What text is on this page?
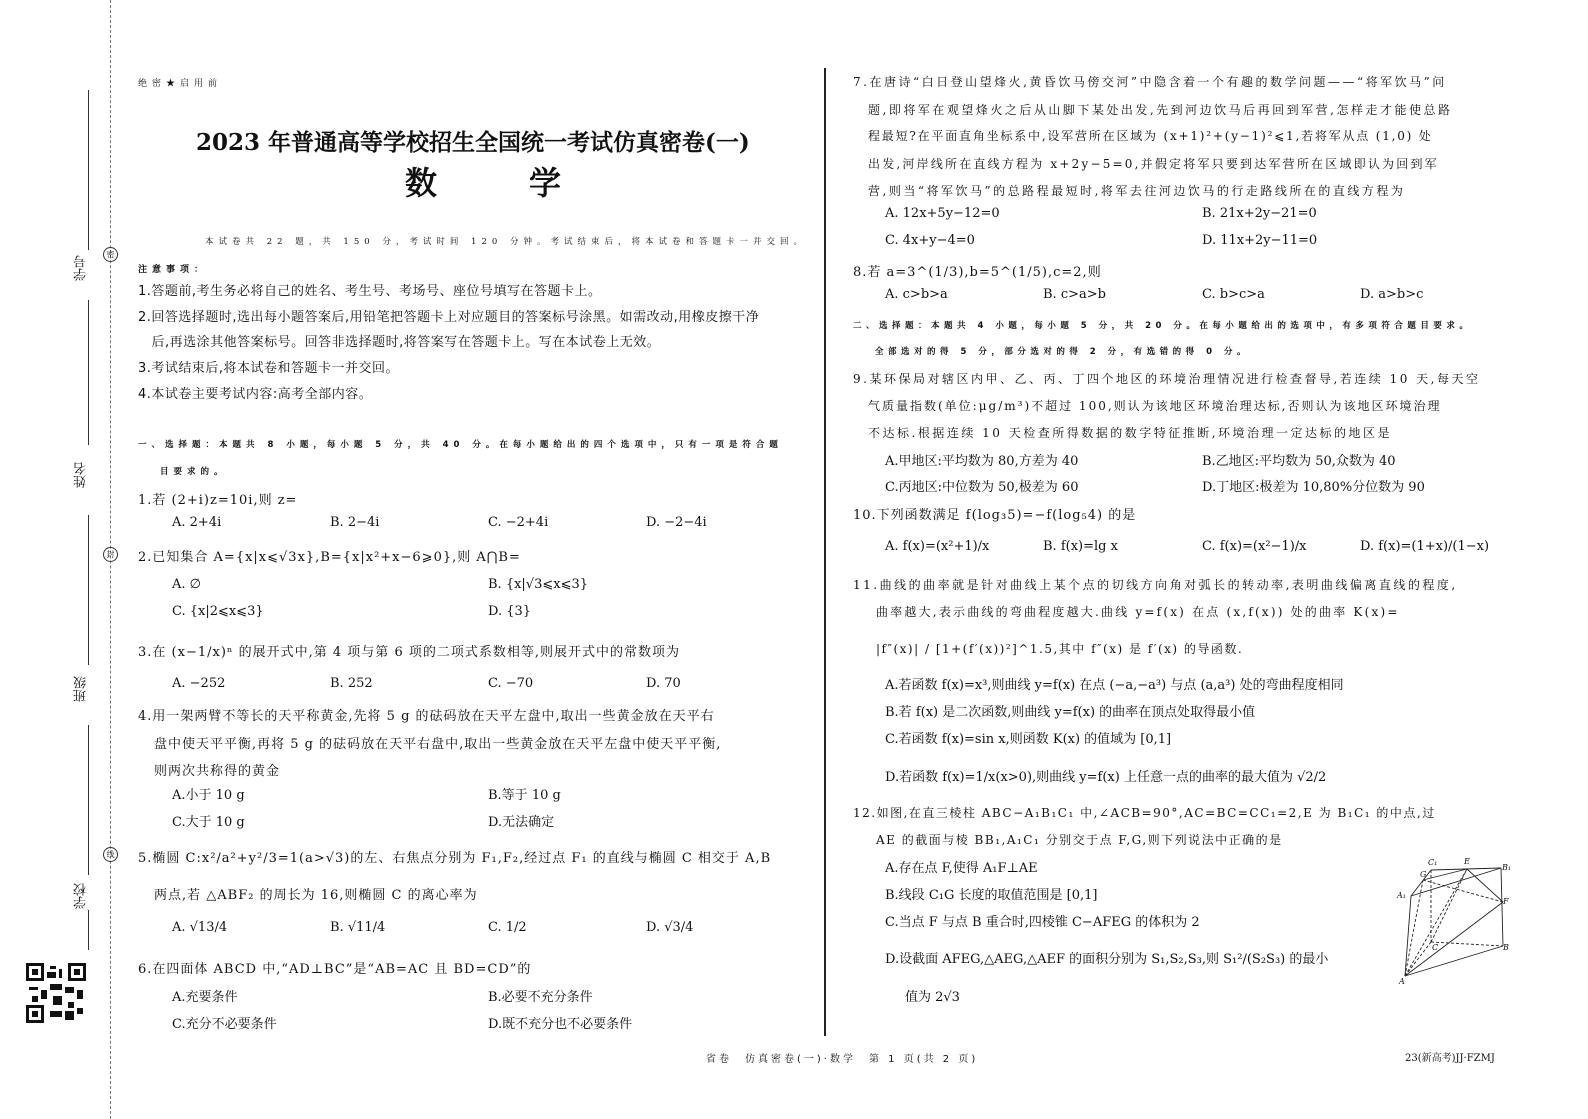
学号
姓名
班级
学校
密
封
线
绝密★启用前
2023 年普通高等学校招生全国统一考试仿真密卷(一)
数　学
本试卷共 22 题，共 150 分，考试时间 120 分钟。考试结束后，将本试卷和答题卡一并交回。
注意事项：
1.答题前,考生务必将自己的姓名、考生号、考场号、座位号填写在答题卡上。
2.回答选择题时,选出每小题答案后,用铅笔把答题卡上对应题目的答案标号涂黑。如需改动,用橡皮擦干净
　后,再选涂其他答案标号。回答非选择题时,将答案写在答题卡上。写在本试卷上无效。
3.考试结束后,将本试卷和答题卡一并交回。
4.本试卷主要考试内容:高考全部内容。
一、选择题：本题共 8 小题，每小题 5 分，共 40 分。在每小题给出的四个选项中，只有一项是符合题
目要求的。
1.若 (2+i)z=10i,则 z=
A. 2+4i	B. 2−4i	C. −2+4i	D. −2−4i
2.已知集合 A={x|x⩽√3x},B={x|x²+x−6⩾0},则 A⋂B=
A. ∅	B. {x|√3⩽x⩽3}
C. {x|2⩽x⩽3}	D. {3}
3.在 (x−1/x)ⁿ 的展开式中,第 4 项与第 6 项的二项式系数相等,则展开式中的常数项为
A. −252	B. 252	C. −70	D. 70
4.用一架两臂不等长的天平称黄金,先将 5 g 的砝码放在天平左盘中,取出一些黄金放在天平右
盘中使天平平衡,再将 5 g 的砝码放在天平右盘中,取出一些黄金放在天平左盘中使天平平衡,
则两次共称得的黄金
A.小于 10 g	B.等于 10 g
C.大于 10 g	D.无法确定
5.椭圆 C:x²/a²+y²/3=1(a>√3)的左、右焦点分别为 F₁,F₂,经过点 F₁ 的直线与椭圆 C 相交于 A,B
两点,若 △ABF₂ 的周长为 16,则椭圆 C 的离心率为
A. √13/4	B. √11/4	C. 1/2	D. √3/4
6.在四面体 ABCD 中,“AD⊥BC”是“AB=AC 且 BD=CD”的
A.充要条件	B.必要不充分条件
C.充分不必要条件	D.既不充分也不必要条件
7.在唐诗“白日登山望烽火,黄昏饮马傍交河”中隐含着一个有趣的数学问题——“将军饮马”问
题,即将军在观望烽火之后从山脚下某处出发,先到河边饮马后再回到军营,怎样走才能使总路
程最短?在平面直角坐标系中,设军营所在区域为 (x+1)²+(y−1)²⩽1,若将军从点 (1,0) 处
出发,河岸线所在直线方程为 x+2y−5=0,并假定将军只要到达军营所在区域即认为回到军
营,则当“将军饮马”的总路程最短时,将军去往河边饮马的行走路线所在的直线方程为
A. 12x+5y−12=0	B. 21x+2y−21=0
C. 4x+y−4=0	D. 11x+2y−11=0
8.若 a=3^(1/3),b=5^(1/5),c=2,则
A. c>b>a	B. c>a>b	C. b>c>a	D. a>b>c
二、选择题：本题共 4 小题，每小题 5 分，共 20 分。在每小题给出的选项中，有多项符合题目要求。
全部选对的得 5 分，部分选对的得 2 分，有选错的得 0 分。
9.某环保局对辖区内甲、乙、丙、丁四个地区的环境治理情况进行检查督导,若连续 10 天,每天空
气质量指数(单位:μg/m³)不超过 100,则认为该地区环境治理达标,否则认为该地区环境治理
不达标.根据连续 10 天检查所得数据的数字特征推断,环境治理一定达标的地区是
A.甲地区:平均数为 80,方差为 40	B.乙地区:平均数为 50,众数为 40
C.丙地区:中位数为 50,极差为 60	D.丁地区:极差为 10,80%分位数为 90
10.下列函数满足 f(log₃5)=−f(log₅4) 的是
A. f(x)=(x²+1)/x	B. f(x)=lg x	C. f(x)=(x²−1)/x	D. f(x)=(1+x)/(1−x)
11.曲线的曲率就是针对曲线上某个点的切线方向角对弧长的转动率,表明曲线偏离直线的程度,
曲率越大,表示曲线的弯曲程度越大.曲线 y=f(x) 在点 (x,f(x)) 处的曲率 K(x)=
|f″(x)| / [1+(f′(x))²]^1.5,其中 f″(x) 是 f′(x) 的导函数.
A.若函数 f(x)=x³,则曲线 y=f(x) 在点 (−a,−a³) 与点 (a,a³) 处的弯曲程度相同
B.若 f(x) 是二次函数,则曲线 y=f(x) 的曲率在顶点处取得最小值
C.若函数 f(x)=sin x,则函数 K(x) 的值域为 [0,1]
D.若函数 f(x)=1/x(x>0),则曲线 y=f(x) 上任意一点的曲率的最大值为 √2/2
12.如图,在直三棱柱 ABC−A₁B₁C₁ 中,∠ACB=90°,AC=BC=CC₁=2,E 为 B₁C₁ 的中点,过
AE 的截面与棱 BB₁,A₁C₁ 分别交于点 F,G,则下列说法中正确的是
A.存在点 F,使得 A₁F⊥AE
B.线段 C₁G 长度的取值范围是 [0,1]
C.当点 F 与点 B 重合时,四棱锥 C−AFEG 的体积为 2
D.设截面 AFEG,△AEG,△AEF 的面积分别为 S₁,S₂,S₃,则 S₁²/(S₂S₃) 的最小
值为 2√3
C₁	E
B₁
A₁
G
F
C	B
A
省卷　仿真密卷(一)·数学　第 1 页(共 2 页)	23(新高考)JJ·FZMJ
